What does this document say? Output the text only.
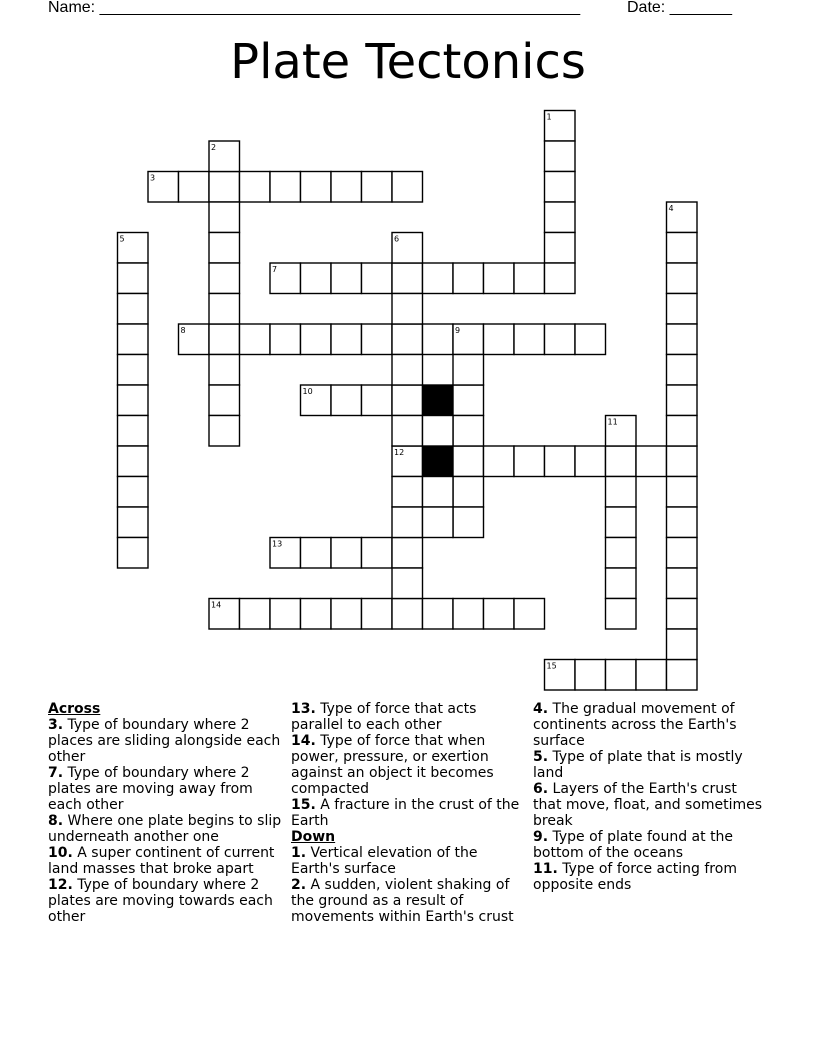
Name: ______________________________________________________	Date: _______
Plate Tectonics
3
7
8
10
12
13
14
15
1
2
4
5	6
9
11
Across
3. Type of boundary where 2 places are sliding alongside each other
7. Type of boundary where 2 plates are moving away from each other
8. Where one plate begins to slip underneath another one
10. A super continent of current land masses that broke apart
12. Type of boundary where 2 plates are moving towards each other
13. Type of force that acts parallel to each other
14. Type of force that when power, pressure, or exertion against an object it becomes compacted
15. A fracture in the crust of the Earth
Down
1. Vertical elevation of the Earth's surface
2. A sudden, violent shaking of the ground as a result of movements within Earth's crust
4. The gradual movement of continents across the Earth's surface
5. Type of plate that is mostly land
6. Layers of the Earth's crust that move, float, and sometimes break
9. Type of plate found at the bottom of the oceans
11. Type of force acting from opposite ends
